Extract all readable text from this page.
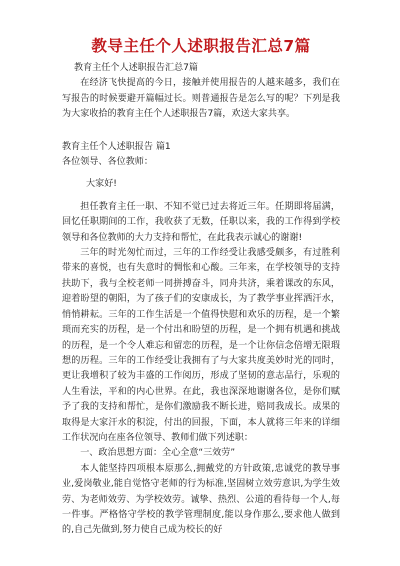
教导主任个人述职报告汇总7篇

教育主任个人述职报告汇总7篇

在经济飞快提高的今日，接触并使用报告的人越来越多，我们在写报告的时候要避开篇幅过长。则普通报告是怎么写的呢？下列是我为大家收拾的教育主任个人述职报告7篇，欢送大家共享。

教育主任个人述职报告 篇1

各位领导、各位教师：

大家好!

担任教育主任一职、不知不觉已过去将近三年。任期即将届满，回忆任职期间的工作，我收获了无数，任职以来，我的工作得到学校领导和各位教师的大力支持和帮忙，在此我表示诚心的谢谢!

三年的时光匆忙而过，三年的工作经受让我感受颇多，有过胜利带来的喜悦，也有失意时的惆怅和心酸。三年来，在学校领导的支持扶助下，我与全校老师一同拼搏奋斗，同舟共济，乘着课改的东风，迎着盼望的朝阳，为了孩子们的安康成长，为了教学事业挥洒汗水，悄悄耕耘。三年的工作生活是一个值得快慰和欢乐的历程，是一个繁琐而充实的历程，是一个付出和盼望的历程，是一个拥有机遇和挑战的历程，是一个令人难忘和留恋的历程，是一个让你信念倍增无限瑕想的历程。三年的工作经受让我拥有了与大家共度美妙时光的同时，更让我增积了较为丰盛的工作阅历，形成了坚韧的意志品行，乐观的人生看法，平和的内心世界。在此，我也深深地谢谢各位，是你们赋予了我的支持和帮忙，是你们激励我不断长进，赔同我成长。成果的取得是大家汗水的积淀，付出的回报，下面，本人就将三年来的详细工作状况向在座各位领导、教师们做下列述职：

一、政治思想方面：全心全意“三效劳”

本人能坚持四项根本原那么,拥戴党的方针政策,忠诚党的教导事业,爱岗敬业,能自觉恪守老师的行为标准,坚固树立效劳意识,为学生效劳、为老师效劳、为学校效劳。诚挚、热烈、公道的看待每一个人,每一件事。严格恪守学校的教学管理制度,能以身作那么,要求他人做到的,自己先做到,努力使自己成为校长的好
